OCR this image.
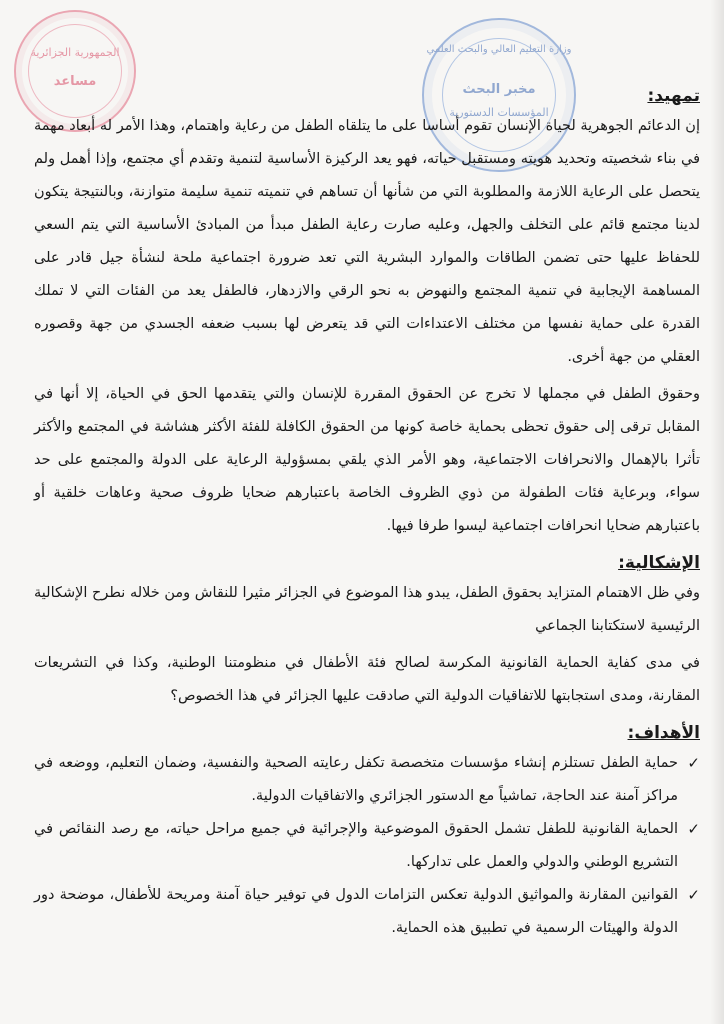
الجمهورية الجزائرية
مساعد
وزارة التعليم العالي والبحث العلمي
مخبر البحث
المؤسسات الدستورية
تمهيد:

إن الدعائم الجوهرية لحياة الإنسان تقوم أساسا على ما يتلقاه الطفل من رعاية واهتمام، وهذا الأمر له أبعاد مهمة في بناء شخصيته وتحديد هويته ومستقبل حياته، فهو يعد الركيزة الأساسية لتنمية وتقدم أي مجتمع، وإذا أهمل ولم يتحصل على الرعاية اللازمة والمطلوبة التي من شأنها أن تساهم في تنميته تنمية سليمة متوازنة، وبالنتيجة يتكون لدينا مجتمع قائم على التخلف والجهل، وعليه صارت رعاية الطفل مبدأ من المبادئ الأساسية التي يتم السعي للحفاظ عليها حتى تضمن الطاقات والموارد البشرية التي تعد ضرورة اجتماعية ملحة لنشأة جيل قادر على المساهمة الإيجابية في تنمية المجتمع والنهوض به نحو الرقي والازدهار، فالطفل يعد من الفئات التي لا تملك القدرة على حماية نفسها من مختلف الاعتداءات التي قد يتعرض لها بسبب ضعفه الجسدي من جهة وقصوره العقلي من جهة أخرى.

وحقوق الطفل في مجملها لا تخرج عن الحقوق المقررة للإنسان والتي يتقدمها الحق في الحياة، إلا أنها في المقابل ترقى إلى حقوق تحظى بحماية خاصة كونها من الحقوق الكافلة للفئة الأكثر هشاشة في المجتمع والأكثر تأثرا بالإهمال والانحرافات الاجتماعية، وهو الأمر الذي يلقي بمسؤولية الرعاية على الدولة والمجتمع على حد سواء، وبرعاية فئات الطفولة من ذوي الظروف الخاصة باعتبارهم ضحايا ظروف صحية وعاهات خلقية أو باعتبارهم ضحايا انحرافات اجتماعية ليسوا طرفا فيها.

الإشكالية:

وفي ظل الاهتمام المتزايد بحقوق الطفل، يبدو هذا الموضوع في الجزائر مثيرا للنقاش ومن خلاله نطرح الإشكالية الرئيسية لاستكتابنا الجماعي

في مدى كفاية الحماية القانونية المكرسة لصالح فئة الأطفال في منظومتنا الوطنية، وكذا في التشريعات المقارنة، ومدى استجابتها للاتفاقيات الدولية التي صادقت عليها الجزائر في هذا الخصوص؟

الأهداف:
✓
حماية الطفل تستلزم إنشاء مؤسسات متخصصة تكفل رعايته الصحية والنفسية، وضمان التعليم، ووضعه في مراكز آمنة عند الحاجة، تماشياً مع الدستور الجزائري والاتفاقيات الدولية.
✓
الحماية القانونية للطفل تشمل الحقوق الموضوعية والإجرائية في جميع مراحل حياته، مع رصد النقائص في التشريع الوطني والدولي والعمل على تداركها.
✓
القوانين المقارنة والمواثيق الدولية تعكس التزامات الدول في توفير حياة آمنة ومريحة للأطفال، موضحة دور الدولة والهيئات الرسمية في تطبيق هذه الحماية.
